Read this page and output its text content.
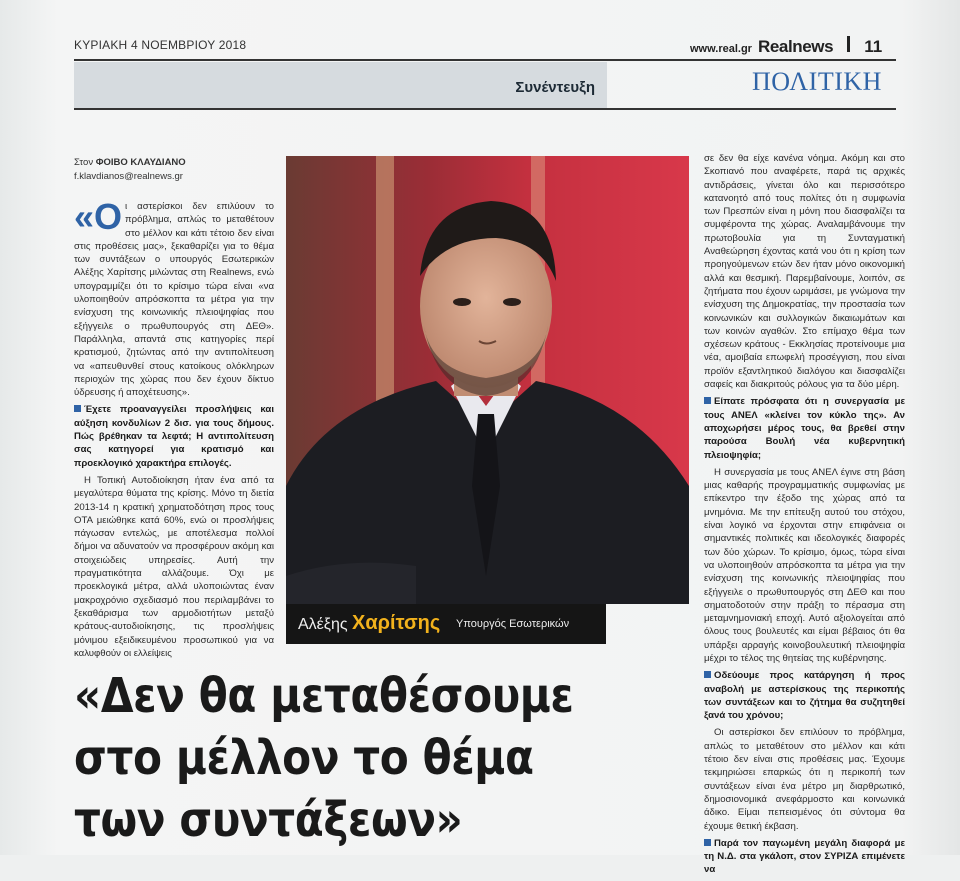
ΚΥΡΙΑΚΗ 4 ΝΟΕΜΒΡΙΟΥ 2018	www.real.gr Realnews 11
Συνέντευξη	ΠΟΛΙΤΙΚΗ
Στον ΦΟΙΒΟ ΚΛΑΥΔΙΑΝΟ
f.klavdianos@realnews.gr

«Οι αστερίσκοι δεν επιλύουν το πρόβλημα, απλώς το μεταθέτουν στο μέλλον και κάτι τέτοιο δεν είναι στις προθέσεις μας», ξεκαθαρίζει για το θέμα των συντάξεων ο υπουργός Εσωτερικών Αλέξης Χαρίτσης μιλώντας στη Realnews, ενώ υπογραμμίζει ότι το κρίσιμο τώρα είναι «να υλοποιηθούν απρόσκοπτα τα μέτρα για την ενίσχυση της κοινωνικής πλειοψηφίας που εξήγγειλε ο πρωθυπουργός στη ΔΕΘ». Παράλληλα, απαντά στις κατηγορίες περί κρατισμού, ζητώντας από την αντιπολίτευση να «απευθυνθεί στους κατοίκους ολόκληρων περιοχών της χώρας που δεν έχουν δίκτυο ύδρευσης ή αποχέτευσης».

Έχετε προαναγγείλει προσλήψεις και αύξηση κονδυλίων 2 δισ. για τους δήμους. Πώς βρέθηκαν τα λεφτά; Η αντιπολίτευση σας κατηγορεί για κρατισμό και προεκλογικό χαρακτήρα επιλογές.

Η Τοπική Αυτοδιοίκηση ήταν ένα από τα μεγαλύτερα θύματα της κρίσης. Μόνο τη διετία 2013-14 η κρατική χρηματοδότηση προς τους ΟΤΑ μειώθηκε κατά 60%, ενώ οι προσλήψεις πάγωσαν εντελώς, με αποτέλεσμα πολλοί δήμοι να αδυνατούν να προσφέρουν ακόμη και στοιχειώδεις υπηρεσίες. Αυτή την πραγματικότητα αλλάζουμε. Όχι με προεκλογικά μέτρα, αλλά υλοποιώντας έναν μακροχρόνιο σχεδιασμό που περιλαμβάνει το ξεκαθάρισμα των αρμοδιοτήτων μεταξύ κράτους-αυτοδιοίκησης, τις προσλήψεις μόνιμου εξειδικευμένου προσωπικού για να καλυφθούν οι ελλείψεις

Αλέξης Χαρίτσης Υπουργός Εσωτερικών

σε δεν θα είχε κανένα νόημα. Ακόμη και στο Σκοπιανό που αναφέρετε, παρά τις αρχικές αντιδράσεις, γίνεται όλο και περισσότερο κατανοητό από τους πολίτες ότι η συμφωνία των Πρεσπών είναι η μόνη που διασφαλίζει τα συμφέροντα της χώρας. Αναλαμβάνουμε την πρωτοβουλία για τη Συνταγματική Αναθεώρηση έχοντας κατά νου ότι η κρίση των προηγούμενων ετών δεν ήταν μόνο οικονομική αλλά και θεσμική. Παρεμβαίνουμε, λοιπόν, σε ζητήματα που έχουν ωριμάσει, με γνώμονα την ενίσχυση της Δημοκρατίας, την προστασία των κοινωνικών και συλλογικών δικαιωμάτων και των κοινών αγαθών. Στο επίμαχο θέμα των σχέσεων κράτους - Εκκλησίας προτείνουμε μια νέα, αμοιβαία επωφελή προσέγγιση, που είναι προϊόν εξαντλητικού διαλόγου και διασφαλίζει σαφείς και διακριτούς ρόλους για τα δύο μέρη.

Είπατε πρόσφατα ότι η συνεργασία με τους ΑΝΕΛ «κλείνει τον κύκλο της». Αν αποχωρήσει μέρος τους, θα βρεθεί στην παρούσα Βουλή νέα κυβερνητική πλειοψηφία;

Η συνεργασία με τους ΑΝΕΛ έγινε στη βάση μιας καθαρής προγραμματικής συμφωνίας με επίκεντρο την έξοδο της χώρας από τα μνημόνια. Με την επίτευξη αυτού του στόχου, είναι λογικό να έρχονται στην επιφάνεια οι σημαντικές πολιτικές και ιδεολογικές διαφορές των δύο χώρων. Το κρίσιμο, όμως, τώρα είναι να υλοποιηθούν απρόσκοπτα τα μέτρα για την ενίσχυση της κοινωνικής πλειοψηφίας που εξήγγειλε ο πρωθυπουργός στη ΔΕΘ και που σηματοδοτούν στην πράξη το πέρασμα στη μεταμνημονιακή εποχή. Αυτό αξιολογείται από όλους τους βουλευτές και είμαι βέβαιος ότι θα υπάρξει αρραγής κοινοβουλευτική πλειοψηφία μέχρι το τέλος της θητείας της κυβέρνησης.

Οδεύουμε προς κατάργηση ή προς αναβολή με αστερίσκους της περικοπής των συντάξεων και το ζήτημα θα συζητηθεί ξανά του χρόνου;

Οι αστερίσκοι δεν επιλύουν το πρόβλημα, απλώς το μεταθέτουν στο μέλλον και κάτι τέτοιο δεν είναι στις προθέσεις μας. Έχουμε τεκμηριώσει επαρκώς ότι η περικοπή των συντάξεων είναι ένα μέτρο μη διαρθρωτικό, δημοσιονομικά ανεφάρμοστο και κοινωνικά άδικο. Είμαι πεπεισμένος ότι σύντομα θα έχουμε θετική έκβαση.

Παρά τον παγωμένη μεγάλη διαφορά με τη Ν.Δ. στα γκάλοπ, στον ΣΥΡΙΖΑ επιμένετε να

«Δεν θα μεταθέσουμε
στο μέλλον το θέμα
των συντάξεων»
